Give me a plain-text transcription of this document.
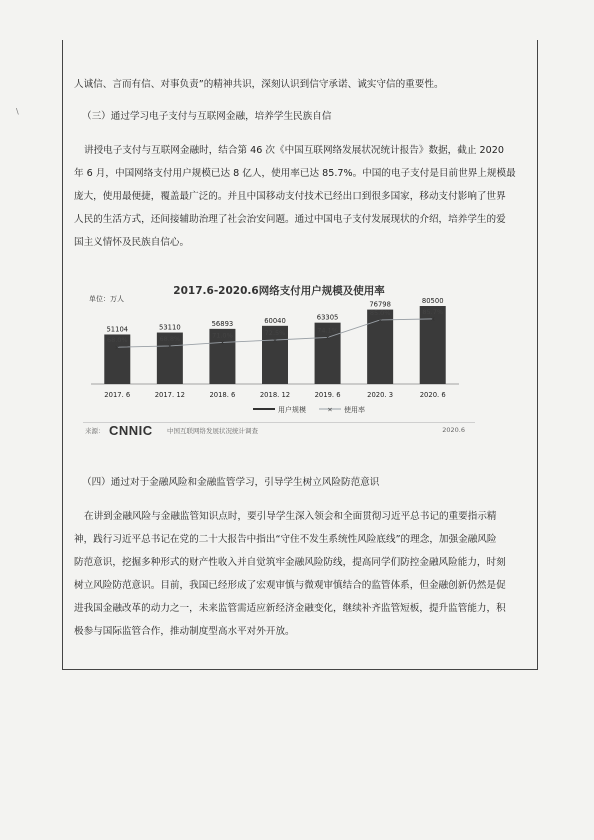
\
人诚信、言而有信、对事负责”的精神共识，深刻认识到信守承诺、诚实守信的重要性。
（三）通过学习电子支付与互联网金融，培养学生民族自信
讲授电子支付与互联网金融时，结合第 46 次《中国互联网络发展状况统计报告》数据，截止 2020
年 6 月，中国网络支付用户规模已达 8 亿人，使用率已达 85.7%。中国的电子支付是目前世界上规模最
庞大，使用最便捷，覆盖最广泛的。并且中国移动支付技术已经出口到很多国家，移动支付影响了世界
人民的生活方式，还间接辅助治理了社会治安问题。通过中国电子支付发展现状的介绍，培养学生的爱
国主义情怀及民族自信心。
2017.6-2020.6网络支付用户规模及使用率
单位：万人
51104
2017. 6
53110
2017. 12
56893
2018. 6
60040
2018. 12
63305
2019. 6
76798
2020. 3
80500
2020. 6
×
68.0%
×
68.8%	×
71.0%
×
72.5%
×
74.1%
×
85.0%
×
85.7%
用户规模	× 使用率
来源： CNNIC 中国互联网络发展状况统计调查	2020.6
（四）通过对于金融风险和金融监管学习，引导学生树立风险防范意识
在讲到金融风险与金融监管知识点时，要引导学生深入领会和全面贯彻习近平总书记的重要指示精
神，践行习近平总书记在党的二十大报告中指出“守住不发生系统性风险底线”的理念，加强金融风险
防范意识，挖掘多种形式的财产性收入并自觉筑牢金融风险防线，提高同学们防控金融风险能力，时刻
树立风险防范意识。目前，我国已经形成了宏观审慎与微观审慎结合的监管体系，但金融创新仍然是促
进我国金融改革的动力之一，未来监管需适应新经济金融变化，继续补齐监管短板，提升监管能力，积
极参与国际监管合作，推动制度型高水平对外开放。
